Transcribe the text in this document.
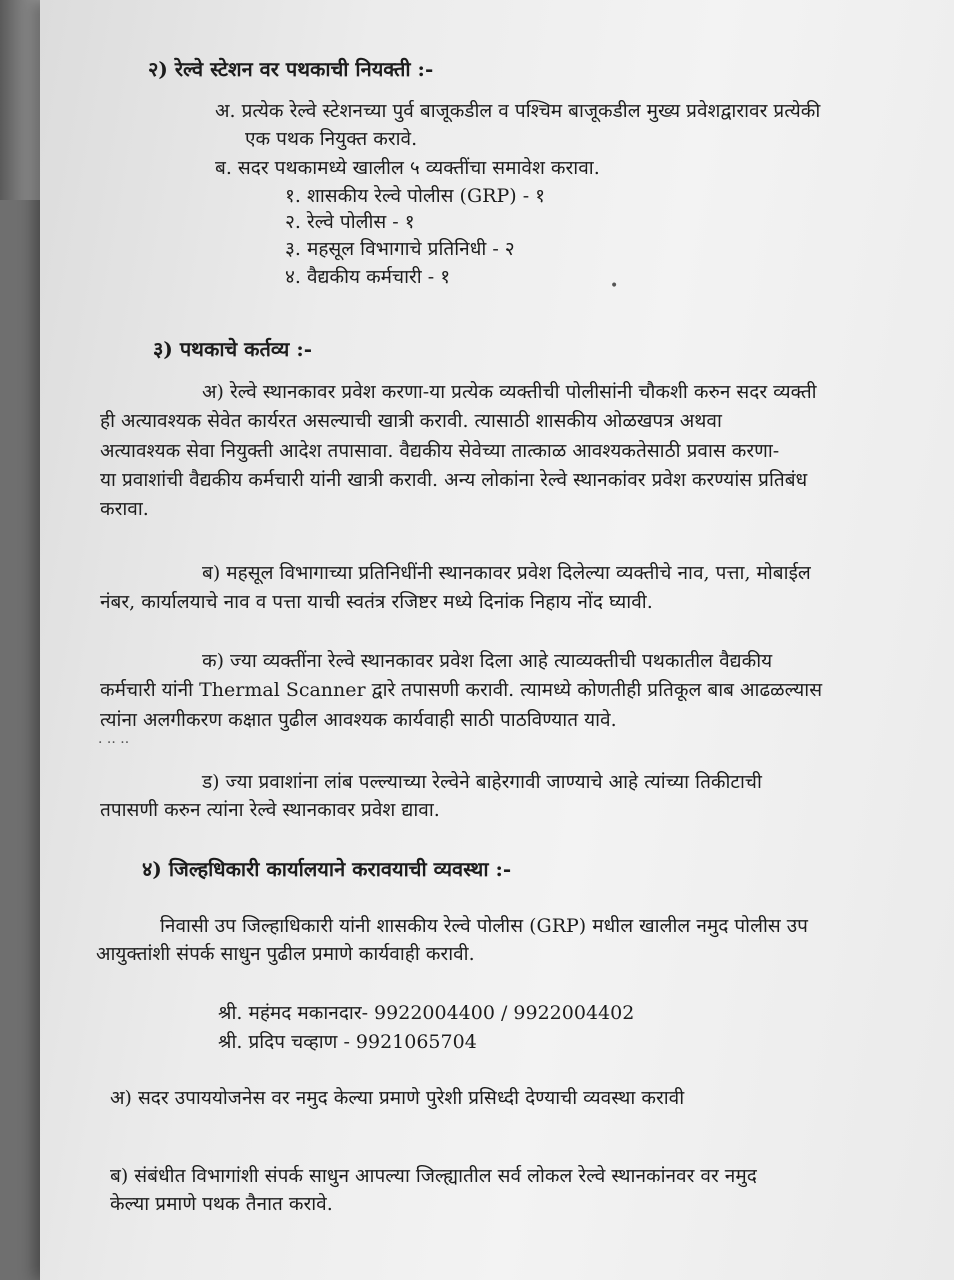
२) रेल्वे स्टेशन वर पथकाची नियक्ती :-
अ. प्रत्येक रेल्वे स्टेशनच्या पुर्व बाजूकडील व पश्चिम बाजूकडील मुख्य प्रवेशद्वारावर प्रत्येकी
एक पथक नियुक्त करावे.
ब. सदर पथकामध्ये खालील ५ व्यक्तींचा समावेश करावा.
१. शासकीय रेल्वे पोलीस (GRP) - १
२. रेल्वे पोलीस - १
३. महसूल विभागाचे प्रतिनिधी - २
४. वैद्यकीय कर्मचारी - १	•
३) पथकाचे कर्तव्य :-
अ) रेल्वे स्थानकावर प्रवेश करणा-या प्रत्येक व्यक्तीची पोलीसांनी चौकशी करुन सदर व्यक्ती
ही अत्यावश्यक सेवेत कार्यरत असल्याची खात्री करावी. त्यासाठी शासकीय ओळखपत्र अथवा
अत्यावश्यक सेवा नियुक्ती आदेश तपासावा. वैद्यकीय सेवेच्या तात्काळ आवश्यकतेसाठी प्रवास करणा-
या प्रवाशांची वैद्यकीय कर्मचारी यांनी खात्री करावी. अन्य लोकांना रेल्वे स्थानकांवर प्रवेश करण्यांस प्रतिबंध
करावा.
ब) महसूल विभागाच्या प्रतिनिधींनी स्थानकावर प्रवेश दिलेल्या व्यक्तीचे नाव, पत्ता, मोबाईल
नंबर, कार्यालयाचे नाव व पत्ता याची स्वतंत्र रजिष्टर मध्ये दिनांक निहाय नोंद घ्यावी.
क) ज्या व्यक्तींना रेल्वे स्थानकावर प्रवेश दिला आहे त्याव्यक्तीची पथकातील वैद्यकीय
कर्मचारी यांनी Thermal Scanner द्वारे तपासणी करावी. त्यामध्ये कोणतीही प्रतिकूल बाब आढळल्यास
त्यांना अलगीकरण कक्षात पुढील आवश्यक कार्यवाही साठी पाठविण्यात यावे.
· ·· ··
ड) ज्या प्रवाशांना लांब पल्ल्याच्या रेल्वेने बाहेरगावी जाण्याचे आहे त्यांच्या तिकीटाची
तपासणी करुन त्यांना रेल्वे स्थानकावर प्रवेश द्यावा.
४) जिल्हधिकारी कार्यालयाने करावयाची व्यवस्था :-
निवासी उप जिल्हाधिकारी यांनी शासकीय रेल्वे पोलीस (GRP) मधील खालील नमुद पोलीस उप
आयुक्तांशी संपर्क साधुन पुढील प्रमाणे कार्यवाही करावी.
श्री. महंमद मकानदार- 9922004400 / 9922004402
श्री. प्रदिप चव्हाण - 9921065704
अ) सदर उपाययोजनेस वर नमुद केल्या प्रमाणे पुरेशी प्रसिध्दी देण्याची व्यवस्था करावी
ब) संबंधीत विभागांशी संपर्क साधुन आपल्या जिल्ह्यातील सर्व लोकल रेल्वे स्थानकांनवर वर नमुद
केल्या प्रमाणे पथक तैनात करावे.
